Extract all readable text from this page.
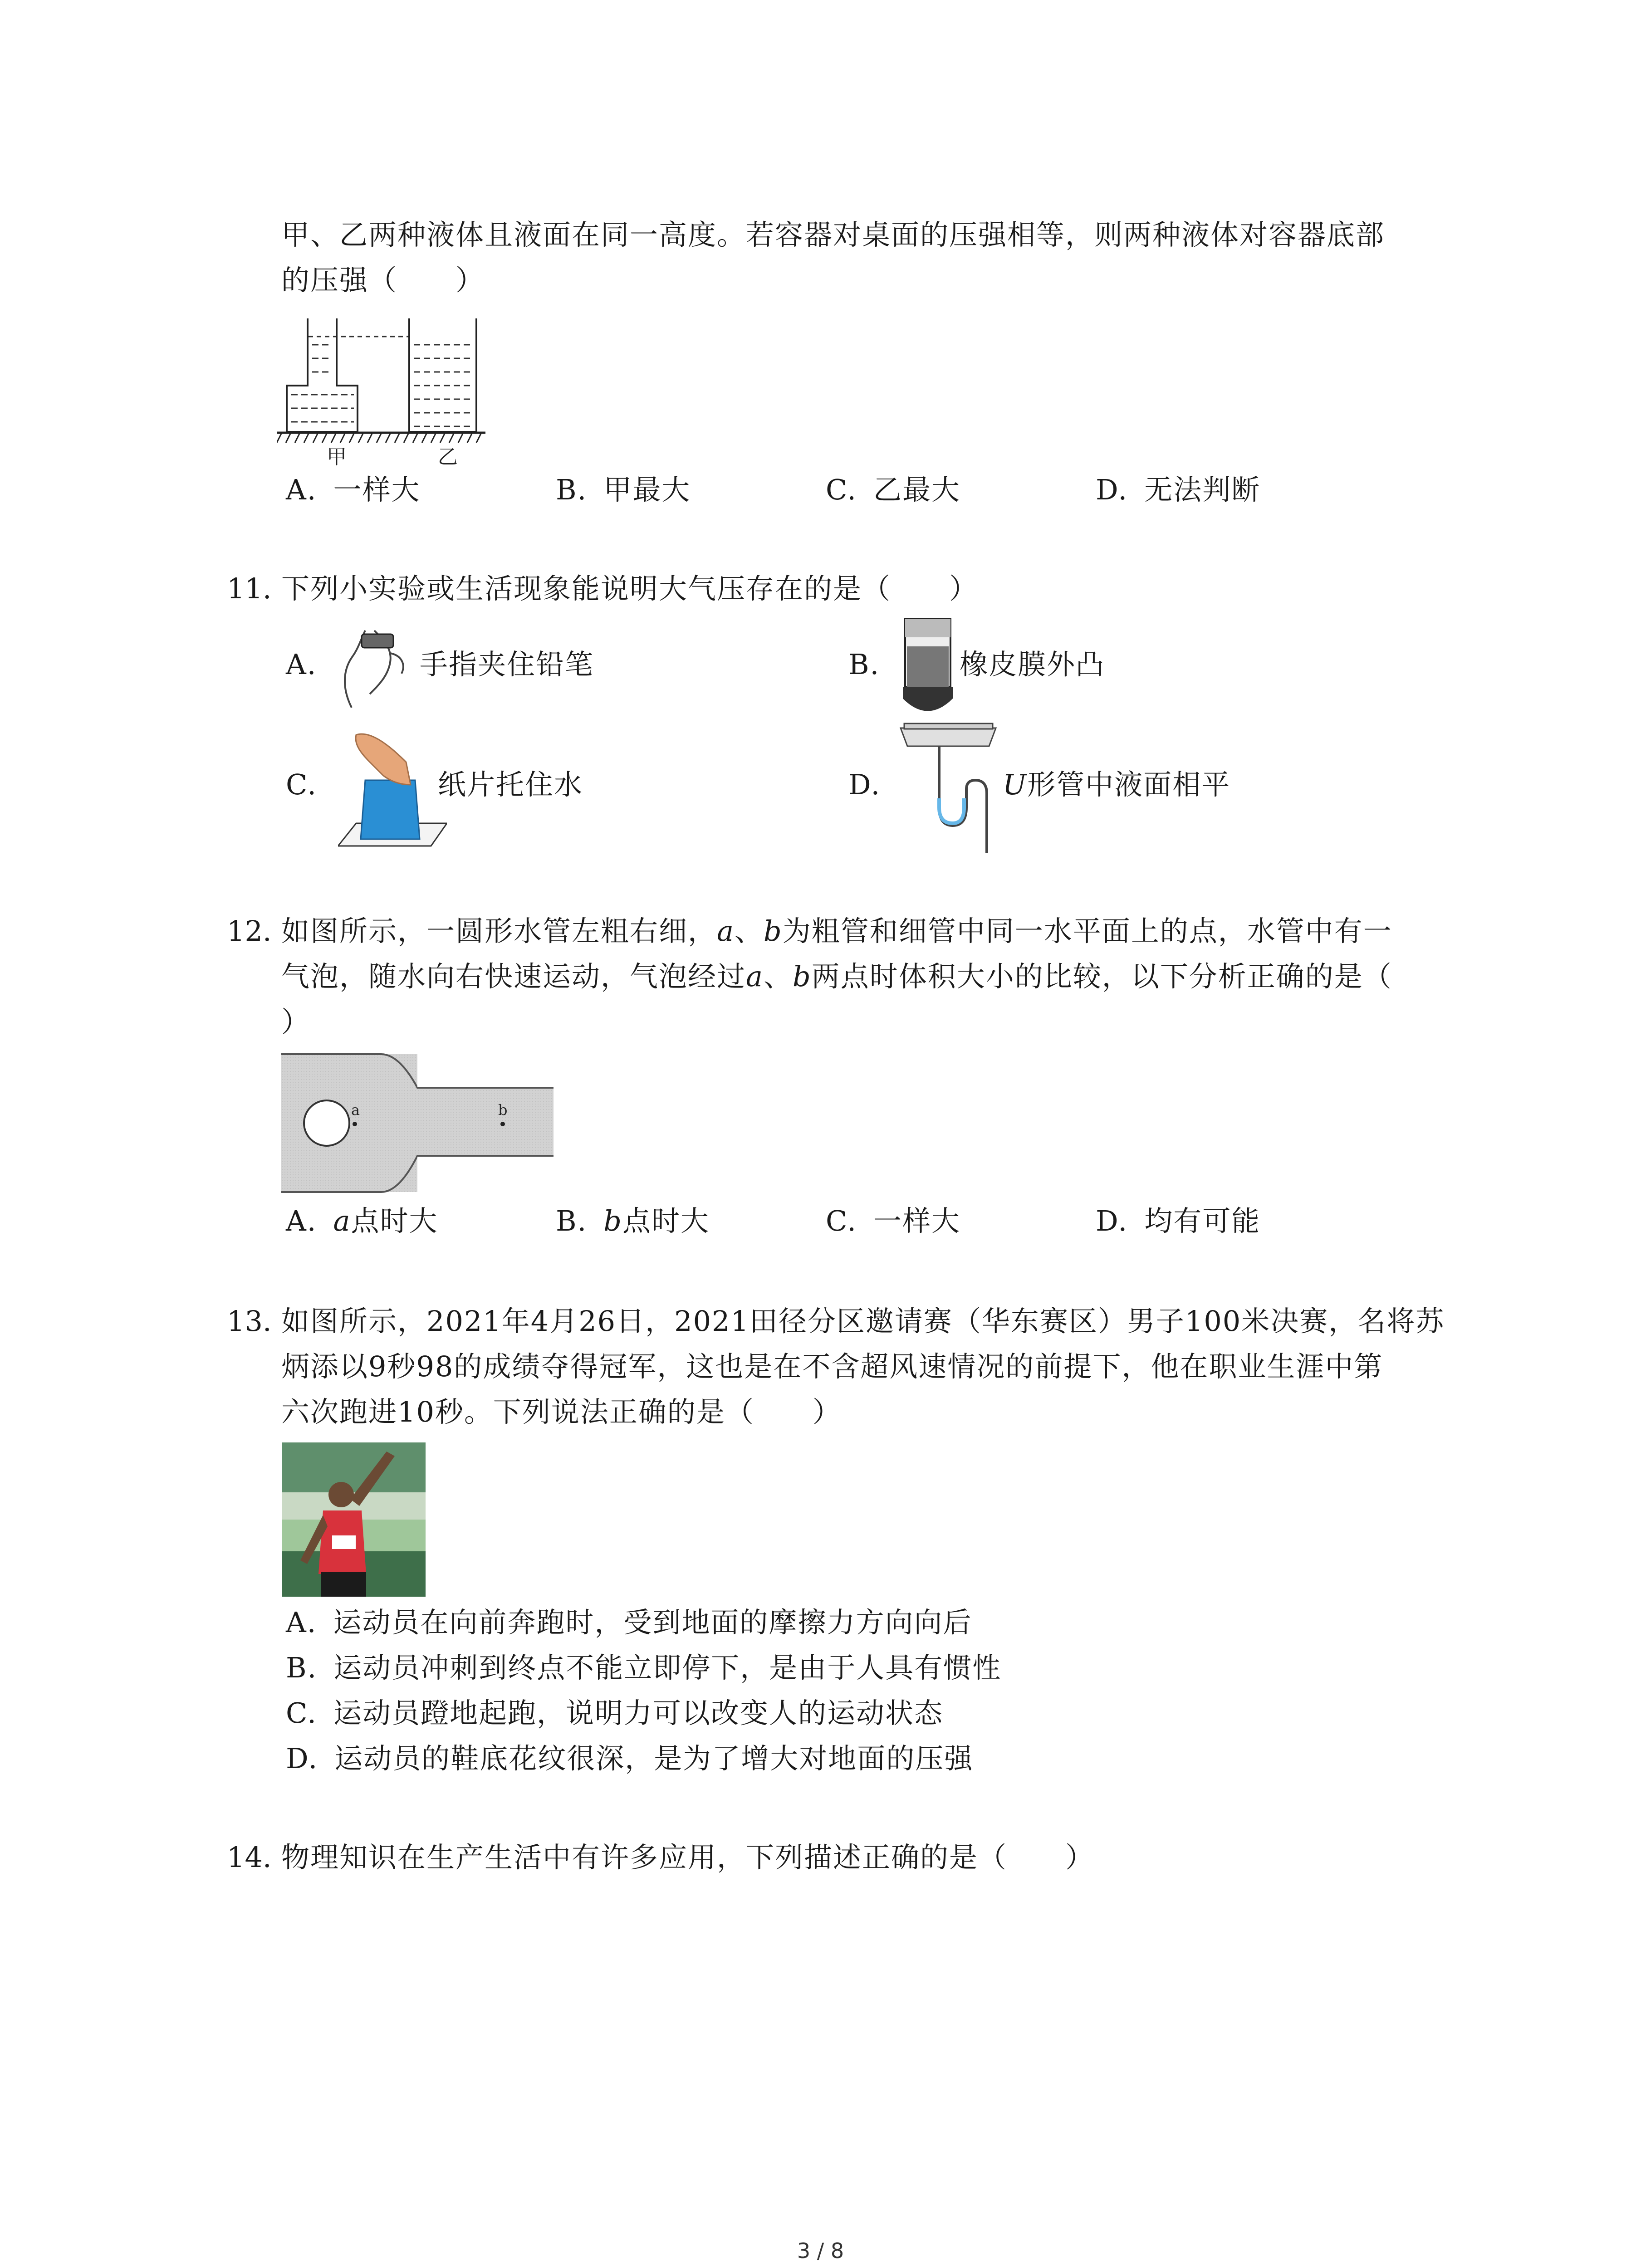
甲、乙两种液体且液面在同一高度。若容器对桌面的压强相等，则两种液体对容器底部
的压强（　　）
甲	乙
A. 一样大	B. 甲最大	C. 乙最大	D. 无法判断
11. 下列小实验或生活现象能说明大气压存在的是（　　）
A.	手指夹住铅笔	B.	橡皮膜外凸
C.	纸片托住水	D.	U形管中液面相平
12. 如图所示，一圆形水管左粗右细，a、b为粗管和细管中同一水平面上的点，水管中有一
气泡，随水向右快速运动，气泡经过a、b两点时体积大小的比较，以下分析正确的是（
）
a	b
A. a点时大	B. b点时大	C. 一样大	D. 均有可能
13. 如图所示，2021年4月26日，2021田径分区邀请赛（华东赛区）男子100米决赛，名将苏
炳添以9秒98的成绩夺得冠军，这也是在不含超风速情况的前提下，他在职业生涯中第
六次跑进10秒。下列说法正确的是（　　）
A. 运动员在向前奔跑时，受到地面的摩擦力方向向后
B. 运动员冲刺到终点不能立即停下，是由于人具有惯性
C. 运动员蹬地起跑，说明力可以改变人的运动状态
D. 运动员的鞋底花纹很深，是为了增大对地面的压强
14. 物理知识在生产生活中有许多应用，下列描述正确的是（　　）
3 / 8
